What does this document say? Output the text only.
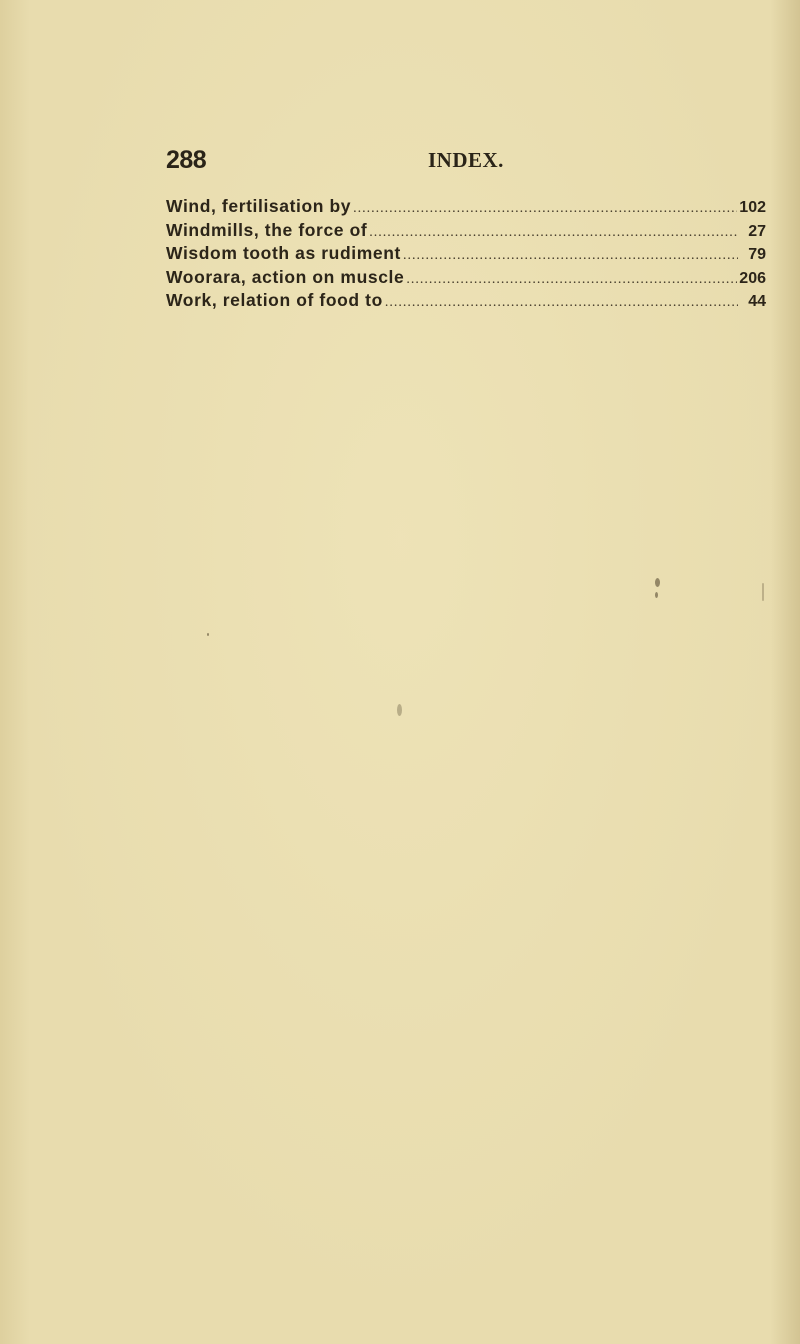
288	INDEX.
Wind, fertilisation by .....	102
Windmills, the force of .....	27
Wisdom tooth as rudiment .....	79
Woorara, action on muscle .....	206
Work, relation of food to .....	44
